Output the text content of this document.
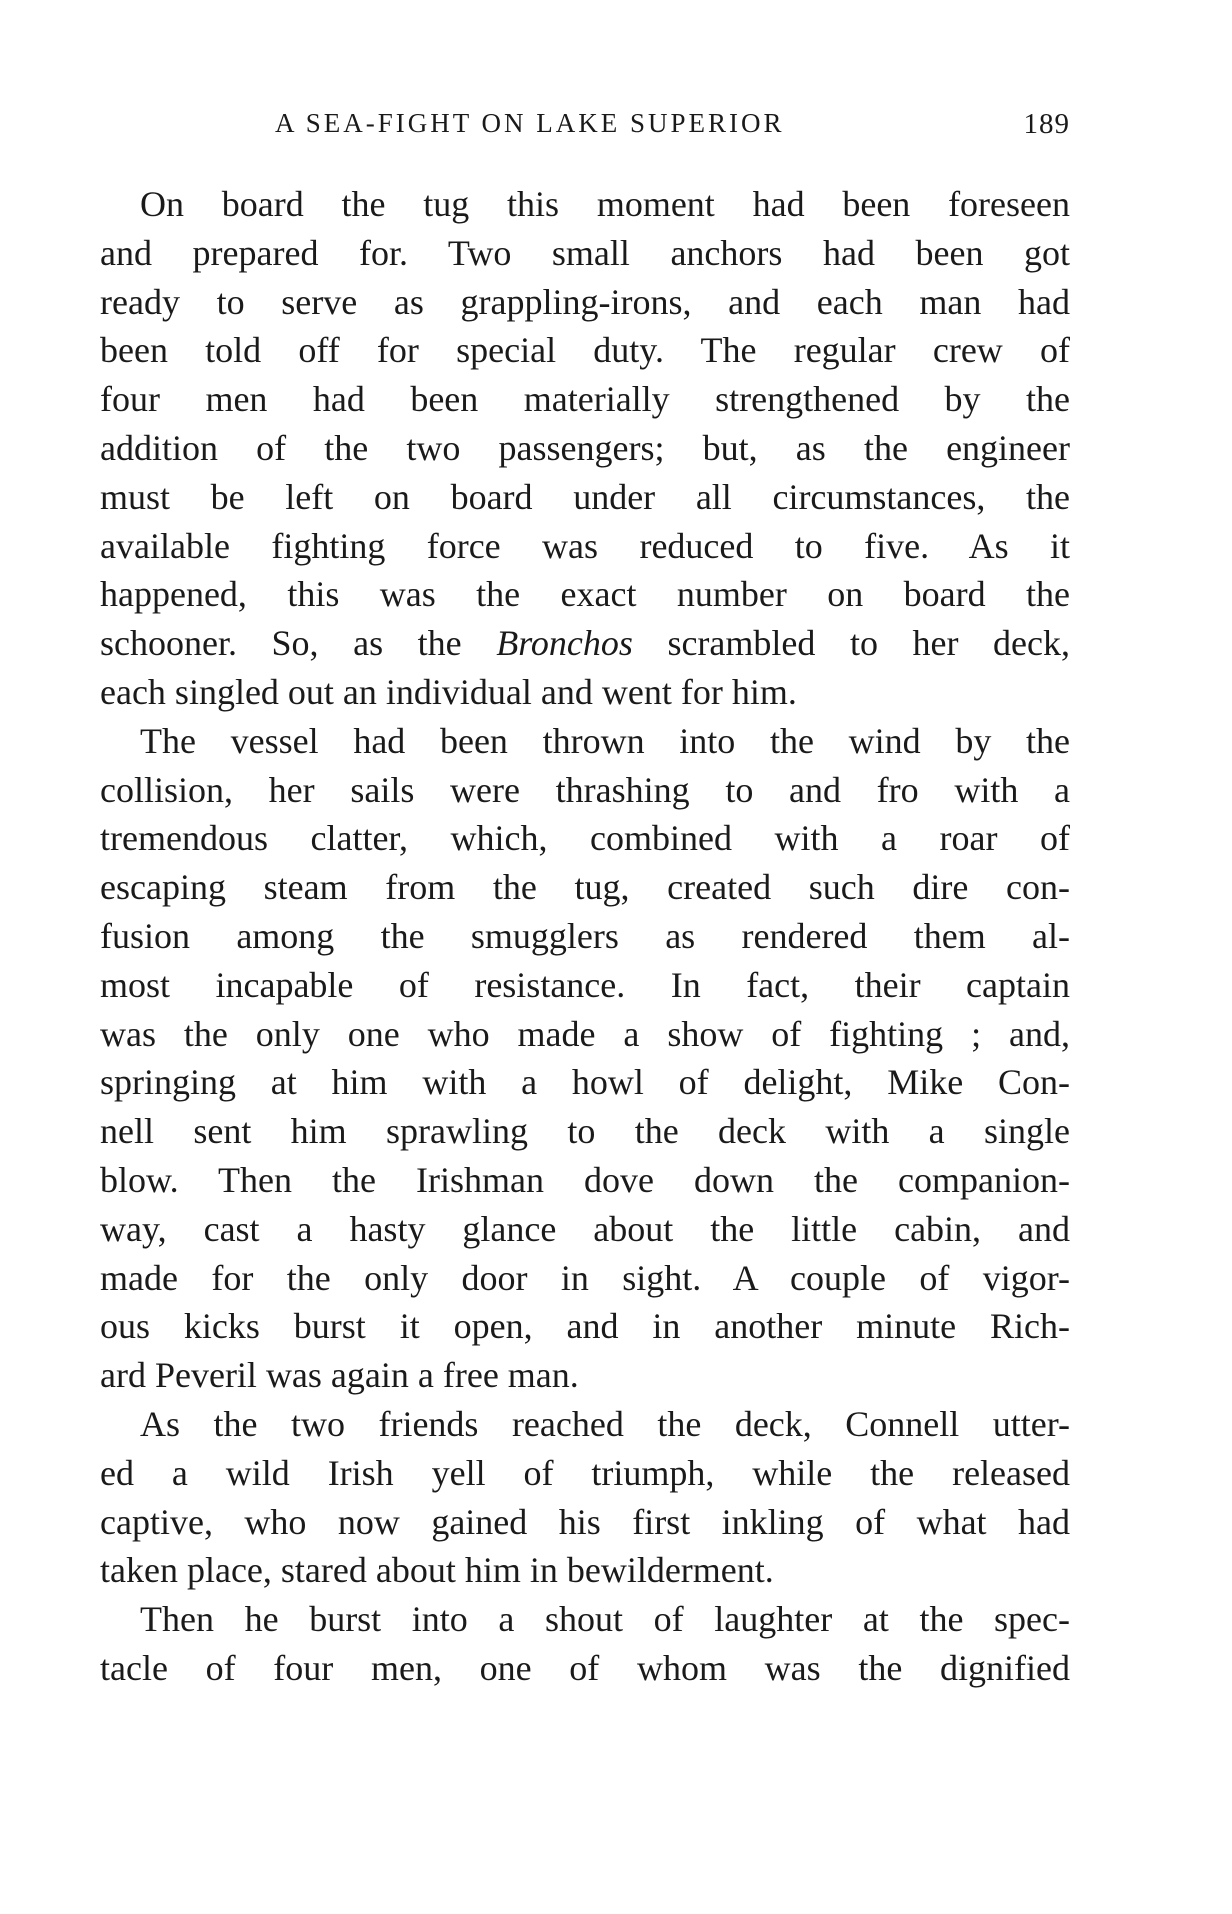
A SEA-FIGHT ON LAKE SUPERIOR	189
On board the tug this moment had been foreseen
and prepared for. Two small anchors had been got
ready to serve as grappling-irons, and each man had
been told off for special duty. The regular crew of
four men had been materially strengthened by the
addition of the two passengers; but, as the engineer
must be left on board under all circumstances, the
available fighting force was reduced to five. As it
happened, this was the exact number on board the
schooner. So, as the Bronchos scrambled to her deck,
each singled out an individual and went for him.
The vessel had been thrown into the wind by the
collision, her sails were thrashing to and fro with a
tremendous clatter, which, combined with a roar of
escaping steam from the tug, created such dire con-
fusion among the smugglers as rendered them al-
most incapable of resistance. In fact, their captain
was the only one who made a show of fighting ; and,
springing at him with a howl of delight, Mike Con-
nell sent him sprawling to the deck with a single
blow. Then the Irishman dove down the companion-
way, cast a hasty glance about the little cabin, and
made for the only door in sight. A couple of vigor-
ous kicks burst it open, and in another minute Rich-
ard Peveril was again a free man.
As the two friends reached the deck, Connell utter-
ed a wild Irish yell of triumph, while the released
captive, who now gained his first inkling of what had
taken place, stared about him in bewilderment.
Then he burst into a shout of laughter at the spec-
tacle of four men, one of whom was the dignified
